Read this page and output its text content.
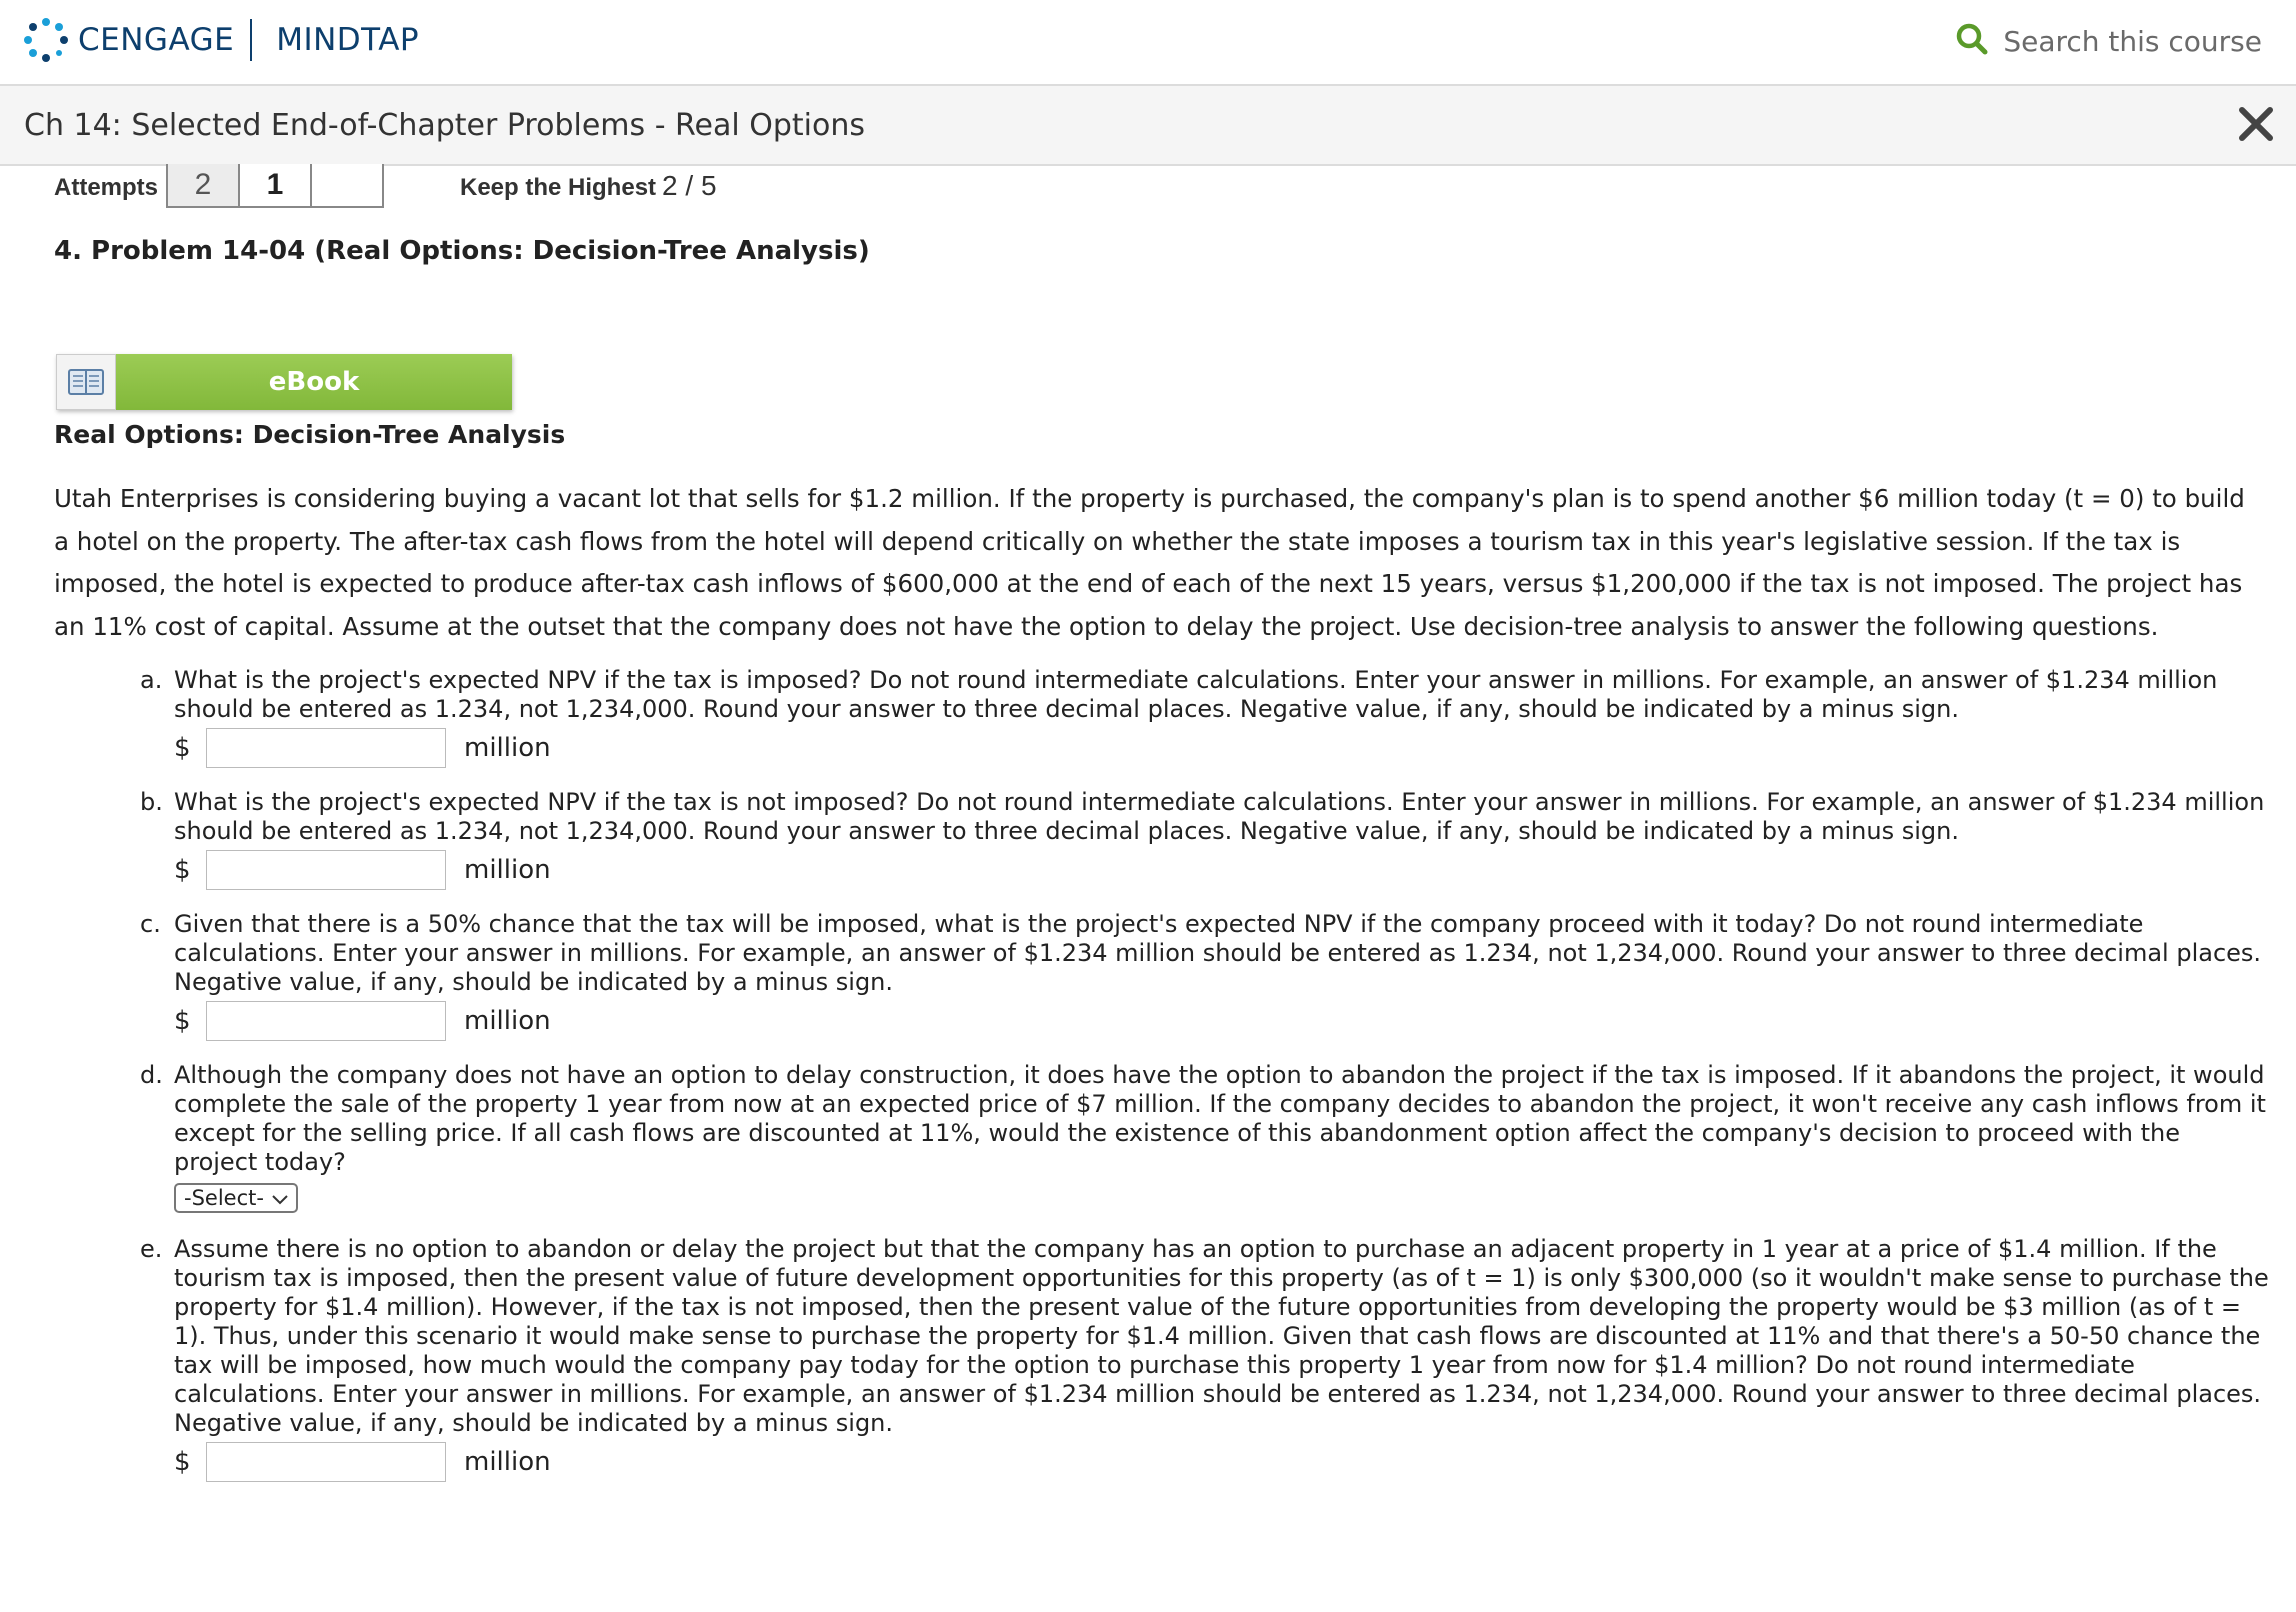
CENGAGE MINDTAP	Search this course
Ch 14: Selected End-of-Chapter Problems - Real Options
Attempts	2	1	Keep the Highest 2 / 5
4. Problem 14-04 (Real Options: Decision-Tree Analysis)
eBook
Real Options: Decision-Tree Analysis
Utah Enterprises is considering buying a vacant lot that sells for $1.2 million. If the property is purchased, the company's plan is to spend another $6 million today (t = 0) to build a hotel on the property. The after-tax cash flows from the hotel will depend critically on whether the state imposes a tourism tax in this year's legislative session. If the tax is imposed, the hotel is expected to produce after-tax cash inflows of $600,000 at the end of each of the next 15 years, versus $1,200,000 if the tax is not imposed. The project has an 11% cost of capital. Assume at the outset that the company does not have the option to delay the project. Use decision-tree analysis to answer the following questions.
a. What is the project's expected NPV if the tax is imposed? Do not round intermediate calculations. Enter your answer in millions. For example, an answer of $1.234 million should be entered as 1.234, not 1,234,000. Round your answer to three decimal places. Negative value, if any, should be indicated by a minus sign.
$	million
b. What is the project's expected NPV if the tax is not imposed? Do not round intermediate calculations. Enter your answer in millions. For example, an answer of $1.234 million should be entered as 1.234, not 1,234,000. Round your answer to three decimal places. Negative value, if any, should be indicated by a minus sign.
$	million
c. Given that there is a 50% chance that the tax will be imposed, what is the project's expected NPV if the company proceed with it today? Do not round intermediate calculations. Enter your answer in millions. For example, an answer of $1.234 million should be entered as 1.234, not 1,234,000. Round your answer to three decimal places. Negative value, if any, should be indicated by a minus sign.
$	million
d. Although the company does not have an option to delay construction, it does have the option to abandon the project if the tax is imposed. If it abandons the project, it would complete the sale of the property 1 year from now at an expected price of $7 million. If the company decides to abandon the project, it won't receive any cash inflows from it except for the selling price. If all cash flows are discounted at 11%, would the existence of this abandonment option affect the company's decision to proceed with the project today?
-Select-
e. Assume there is no option to abandon or delay the project but that the company has an option to purchase an adjacent property in 1 year at a price of $1.4 million. If the tourism tax is imposed, then the present value of future development opportunities for this property (as of t = 1) is only $300,000 (so it wouldn't make sense to purchase the property for $1.4 million). However, if the tax is not imposed, then the present value of the future opportunities from developing the property would be $3 million (as of t = 1). Thus, under this scenario it would make sense to purchase the property for $1.4 million. Given that cash flows are discounted at 11% and that there's a 50-50 chance the tax will be imposed, how much would the company pay today for the option to purchase this property 1 year from now for $1.4 million? Do not round intermediate calculations. Enter your answer in millions. For example, an answer of $1.234 million should be entered as 1.234, not 1,234,000. Round your answer to three decimal places. Negative value, if any, should be indicated by a minus sign.
$	million
